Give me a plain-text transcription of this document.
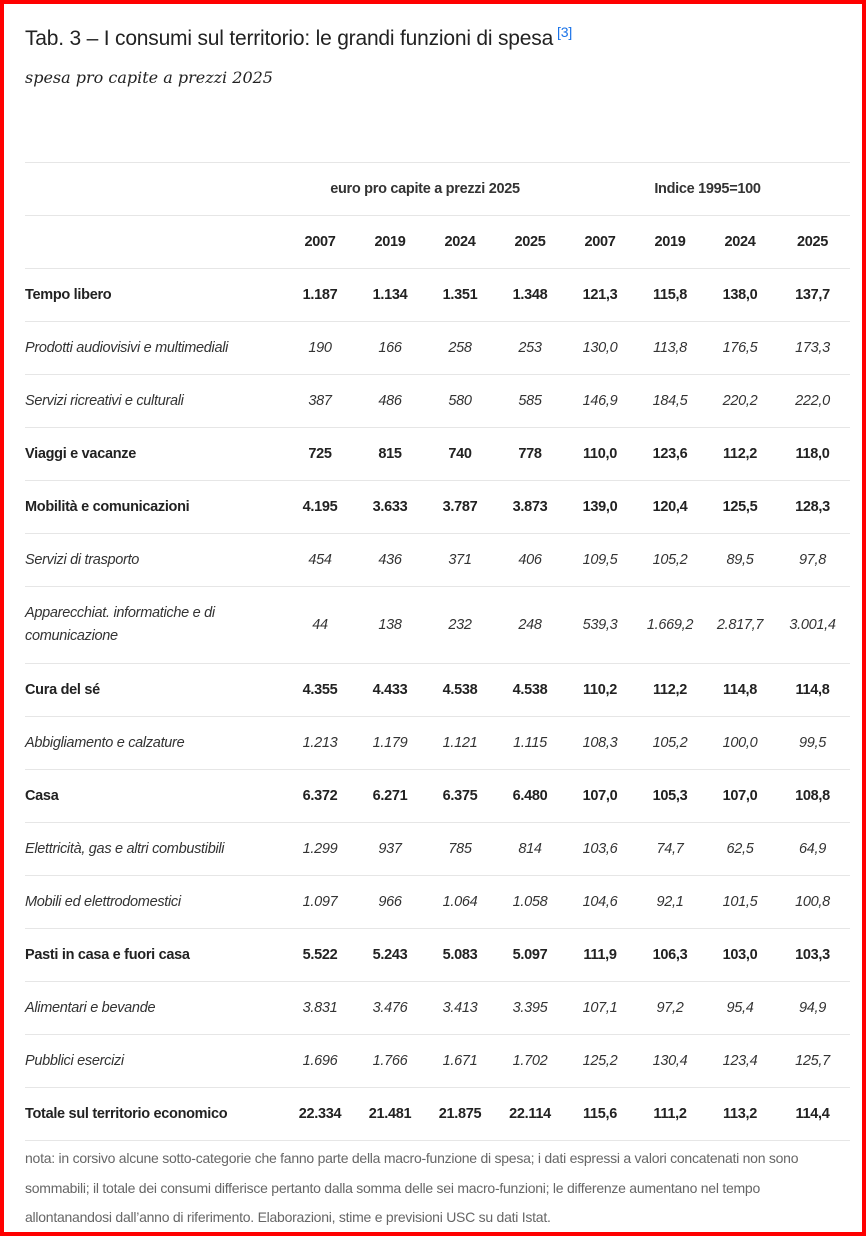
Tab. 3 – I consumi sul territorio: le grandi funzioni di spesa [3]
spesa pro capite a prezzi 2025
	euro pro capite a prezzi 2025				Indice 1995=100			
	2007	2019	2024	2025	2007	2019	2024	2025
Tempo libero	1.187	1.134	1.351	1.348	121,3	115,8	138,0	137,7
Prodotti audiovisivi e multimediali	190	166	258	253	130,0	113,8	176,5	173,3
Servizi ricreativi e culturali	387	486	580	585	146,9	184,5	220,2	222,0
Viaggi e vacanze	725	815	740	778	110,0	123,6	112,2	118,0
Mobilità e comunicazioni	4.195	3.633	3.787	3.873	139,0	120,4	125,5	128,3
Servizi di trasporto	454	436	371	406	109,5	105,2	89,5	97,8
Apparecchiat. informatiche e di comunicazione	44	138	232	248	539,3	1.669,2	2.817,7	3.001,4
Cura del sé	4.355	4.433	4.538	4.538	110,2	112,2	114,8	114,8
Abbigliamento e calzature	1.213	1.179	1.121	1.115	108,3	105,2	100,0	99,5
Casa	6.372	6.271	6.375	6.480	107,0	105,3	107,0	108,8
Elettricità, gas e altri combustibili	1.299	937	785	814	103,6	74,7	62,5	64,9
Mobili ed elettrodomestici	1.097	966	1.064	1.058	104,6	92,1	101,5	100,8
Pasti in casa e fuori casa	5.522	5.243	5.083	5.097	111,9	106,3	103,0	103,3
Alimentari e bevande	3.831	3.476	3.413	3.395	107,1	97,2	95,4	94,9
Pubblici esercizi	1.696	1.766	1.671	1.702	125,2	130,4	123,4	125,7
Totale sul territorio economico	22.334	21.481	21.875	22.114	115,6	111,2	113,2	114,4
nota: in corsivo alcune sotto-categorie che fanno parte della macro-funzione di spesa; i dati espressi a valori concatenati non sono sommabili; il totale dei consumi differisce pertanto dalla somma delle sei macro-funzioni; le differenze aumentano nel tempo allontanandosi dall’anno di riferimento. Elaborazioni, stime e previsioni USC su dati Istat.
